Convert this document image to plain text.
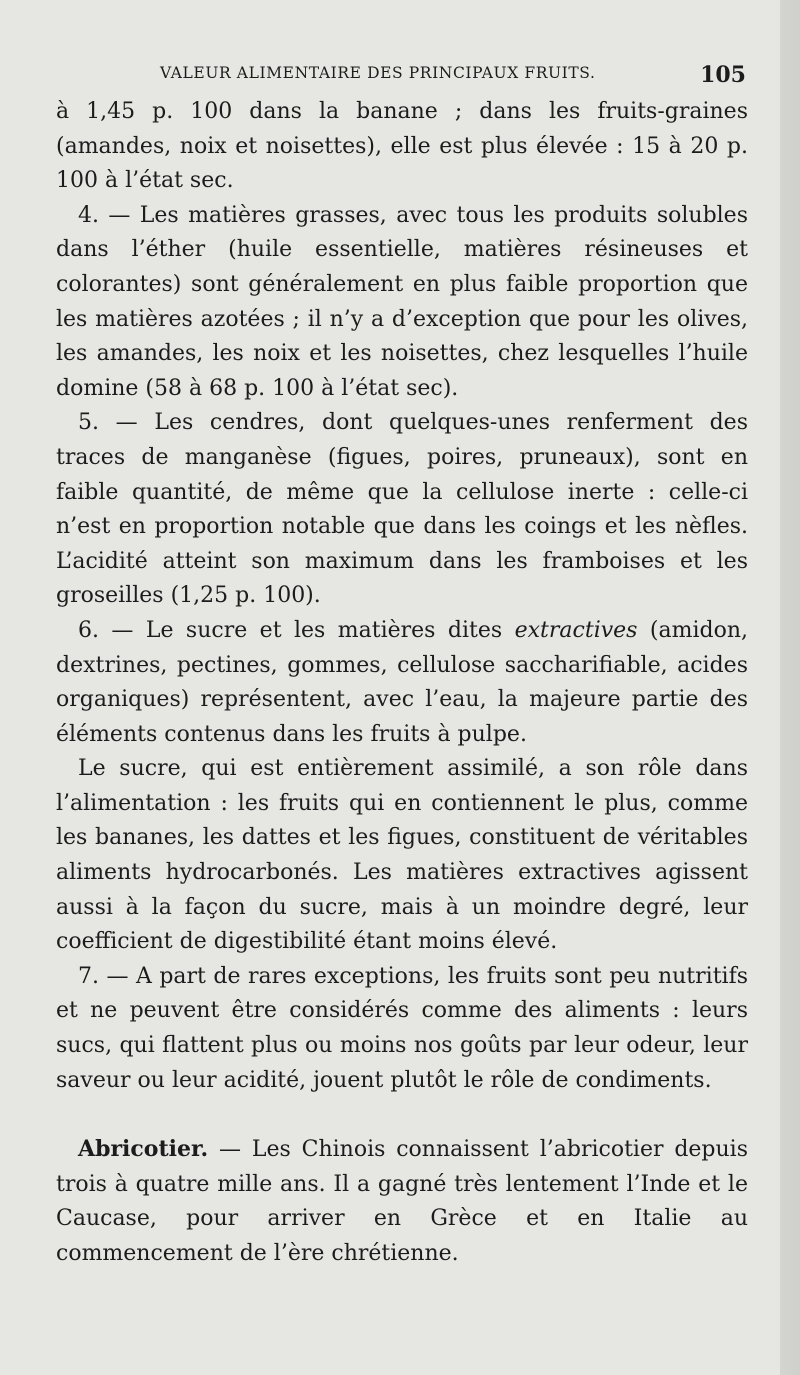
VALEUR ALIMENTAIRE DES PRINCIPAUX FRUITS.	105

à 1,45 p. 100 dans la banane ; dans les fruits-graines (amandes, noix et noisettes), elle est plus élevée : 15 à 20 p. 100 à l’état sec.

4. — Les matières grasses, avec tous les produits solubles dans l’éther (huile essentielle, matières résineuses et colorantes) sont généralement en plus faible proportion que les matières azotées ; il n’y a d’exception que pour les olives, les amandes, les noix et les noisettes, chez lesquelles l’huile domine (58 à 68 p. 100 à l’état sec).

5. — Les cendres, dont quelques-unes renferment des traces de manganèse (figues, poires, pruneaux), sont en faible quantité, de même que la cellulose inerte : celle-ci n’est en proportion notable que dans les coings et les nèfles. L’acidité atteint son maximum dans les framboises et les groseilles (1,25 p. 100).

6. — Le sucre et les matières dites extractives (amidon, dextrines, pectines, gommes, cellulose saccharifiable, acides organiques) représentent, avec l’eau, la majeure partie des éléments contenus dans les fruits à pulpe.

Le sucre, qui est entièrement assimilé, a son rôle dans l’alimentation : les fruits qui en contiennent le plus, comme les bananes, les dattes et les figues, constituent de véritables aliments hydrocarbonés. Les matières extractives agissent aussi à la façon du sucre, mais à un moindre degré, leur coefficient de digestibilité étant moins élevé.

7. — A part de rares exceptions, les fruits sont peu nutritifs et ne peuvent être considérés comme des aliments : leurs sucs, qui flattent plus ou moins nos goûts par leur odeur, leur saveur ou leur acidité, jouent plutôt le rôle de condiments.

Abricotier. — Les Chinois connaissent l’abricotier depuis trois à quatre mille ans. Il a gagné très lentement l’Inde et le Caucase, pour arriver en Grèce et en Italie au commencement de l’ère chrétienne.
